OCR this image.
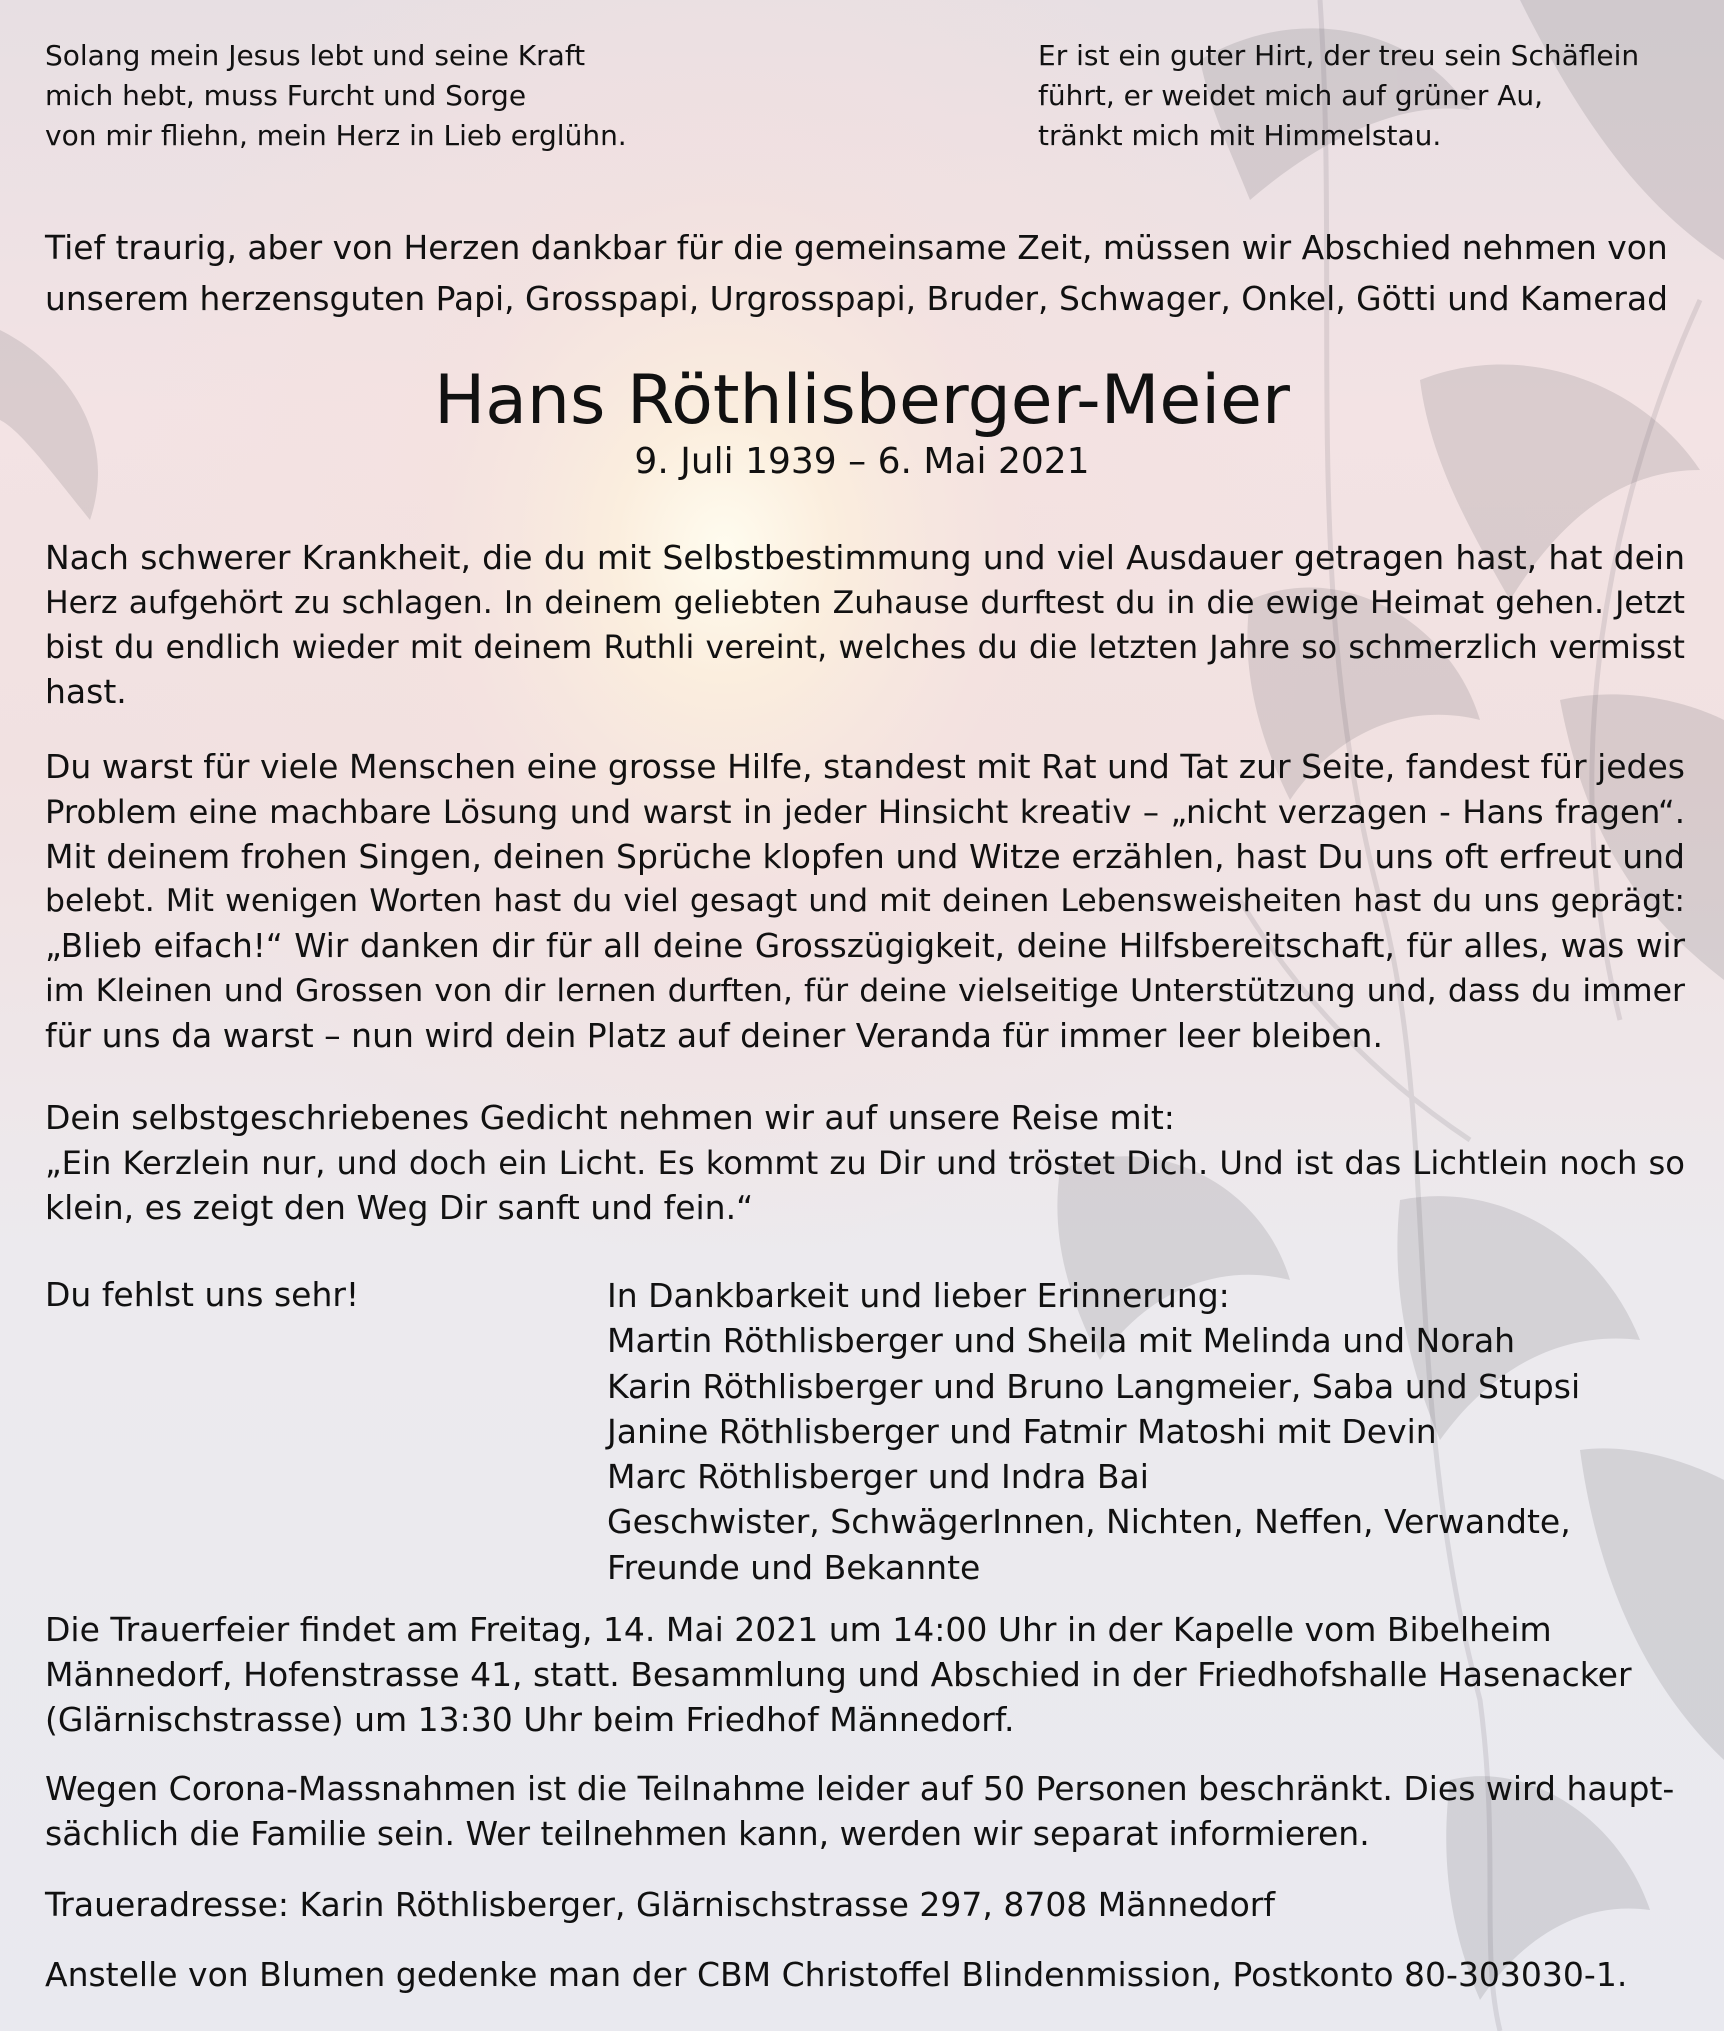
Solang mein Jesus lebt und seine Kraft
mich hebt, muss Furcht und Sorge
von mir fliehn, mein Herz in Lieb erglühn.
Er ist ein guter Hirt, der treu sein Schäflein
führt, er weidet mich auf grüner Au,
tränkt mich mit Himmelstau.
Tief traurig, aber von Herzen dankbar für die gemeinsame Zeit, müssen wir Abschied nehmen von
unserem herzensguten Papi, Grosspapi, Urgrosspapi, Bruder, Schwager, Onkel, Götti und Kamerad
Hans Röthlisberger-Meier
9. Juli 1939 – 6. Mai 2021
Nach schwerer Krankheit, die du mit Selbstbestimmung und viel Ausdauer getragen hast, hat dein
Herz aufgehört zu schlagen. In deinem geliebten Zuhause durftest du in die ewige Heimat gehen. Jetzt
bist du endlich wieder mit deinem Ruthli vereint, welches du die letzten Jahre so schmerzlich vermisst
hast.
Du warst für viele Menschen eine grosse Hilfe, standest mit Rat und Tat zur Seite, fandest für jedes
Problem eine machbare Lösung und warst in jeder Hinsicht kreativ – „nicht verzagen - Hans fragen“.
Mit deinem frohen Singen, deinen Sprüche klopfen und Witze erzählen, hast Du uns oft erfreut und
belebt. Mit wenigen Worten hast du viel gesagt und mit deinen Lebensweisheiten hast du uns geprägt:
„Blieb eifach!“ Wir danken dir für all deine Grosszügigkeit, deine Hilfsbereitschaft, für alles, was wir
im Kleinen und Grossen von dir lernen durften, für deine vielseitige Unterstützung und, dass du immer
für uns da warst – nun wird dein Platz auf deiner Veranda für immer leer bleiben.
Dein selbstgeschriebenes Gedicht nehmen wir auf unsere Reise mit:
„Ein Kerzlein nur, und doch ein Licht. Es kommt zu Dir und tröstet Dich. Und ist das Lichtlein noch so
klein, es zeigt den Weg Dir sanft und fein.“
Du fehlst uns sehr!	In Dankbarkeit und lieber Erinnerung:
Martin Röthlisberger und Sheila mit Melinda und Norah
Karin Röthlisberger und Bruno Langmeier, Saba und Stupsi
Janine Röthlisberger und Fatmir Matoshi mit Devin
Marc Röthlisberger und Indra Bai
Geschwister, SchwägerInnen, Nichten, Neffen, Verwandte,
Freunde und Bekannte
Die Trauerfeier findet am Freitag, 14. Mai 2021 um 14:00 Uhr in der Kapelle vom Bibelheim
Männedorf, Hofenstrasse 41, statt. Besammlung und Abschied in der Friedhofshalle Hasenacker
(Glärnischstrasse) um 13:30 Uhr beim Friedhof Männedorf.
Wegen Corona-Massnahmen ist die Teilnahme leider auf 50 Personen beschränkt. Dies wird haupt-
sächlich die Familie sein. Wer teilnehmen kann, werden wir separat informieren.
Traueradresse: Karin Röthlisberger, Glärnischstrasse 297, 8708 Männedorf
Anstelle von Blumen gedenke man der CBM Christoffel Blindenmission, Postkonto 80-303030-1.
